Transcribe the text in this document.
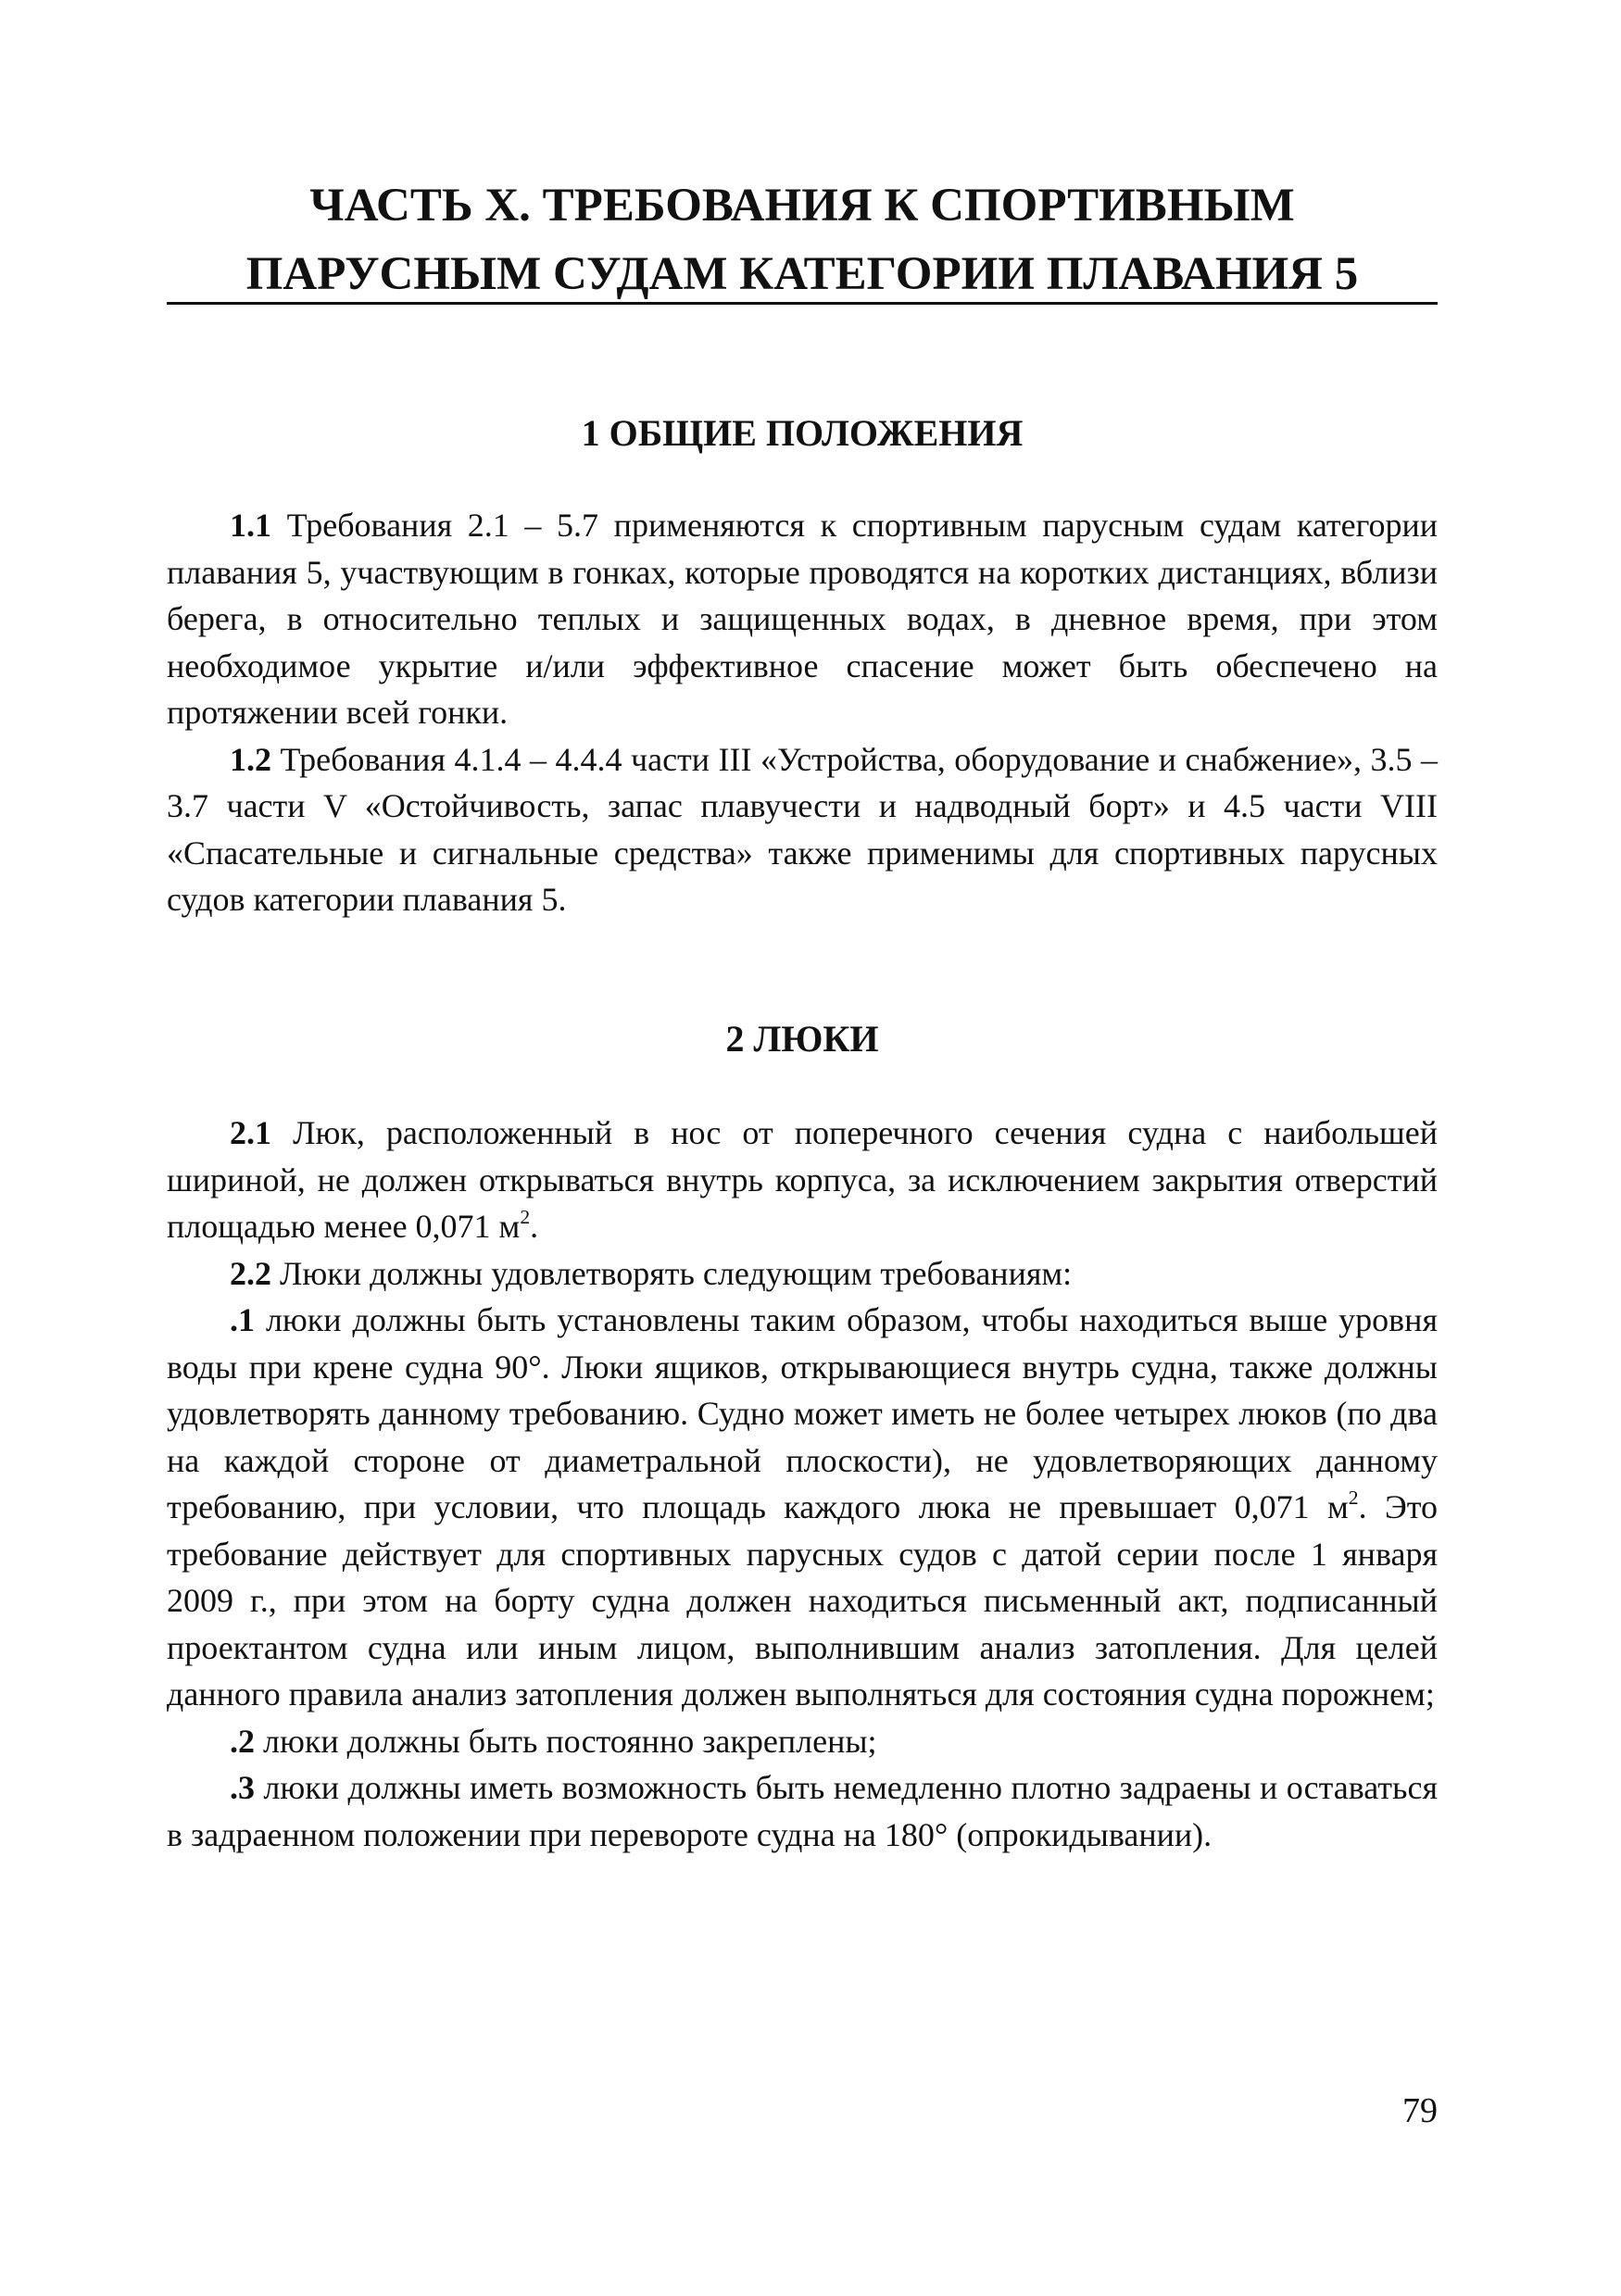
ЧАСТЬ X. ТРЕБОВАНИЯ К СПОРТИВНЫМ
ПАРУСНЫМ СУДАМ КАТЕГОРИИ ПЛАВАНИЯ 5
1 ОБЩИЕ ПОЛОЖЕНИЯ

1.1 Требования 2.1 – 5.7 применяются к спортивным парусным судам категории плавания 5, участвующим в гонках, которые проводятся на коротких дистанциях, вблизи берега, в относительно теплых и защищенных водах, в дневное время, при этом необходимое укрытие и/или эффективное спасение может быть обеспечено на протяжении всей гонки.

1.2 Требования 4.1.4 – 4.4.4 части III «Устройства, оборудование и снабжение», 3.5 – 3.7 части V «Остойчивость, запас плавучести и надводный борт» и 4.5 части VIII «Спасательные и сигнальные средства» также применимы для спортивных парусных судов категории плавания 5.

2 ЛЮКИ

2.1 Люк, расположенный в нос от поперечного сечения судна с наибольшей шириной, не должен открываться внутрь корпуса, за исключением закрытия отверстий площадью менее 0,071 $м^2$.

2.2 Люки должны удовлетворять следующим требованиям:

.1 люки должны быть установлены таким образом, чтобы находиться выше уровня воды при крене судна 90°. Люки ящиков, открывающиеся внутрь судна, также должны удовлетворять данному требованию. Судно может иметь не более четырех люков (по два на каждой стороне от диаметральной плоскости), не удовлетворяющих данному требованию, при условии, что площадь каждого люка не превышает 0,071 $м^2$. Это требование действует для спортивных парусных судов с датой серии после 1 января 2009 г., при этом на борту судна должен находиться письменный акт, подписанный проектантом судна или иным лицом, выполнившим анализ затопления. Для целей данного правила анализ затопления должен выполняться для состояния судна порожнем;

.2 люки должны быть постоянно закреплены;

.3 люки должны иметь возможность быть немедленно плотно задраены и оставаться в задраенном положении при перевороте судна на 180° (опрокидывании).

79
